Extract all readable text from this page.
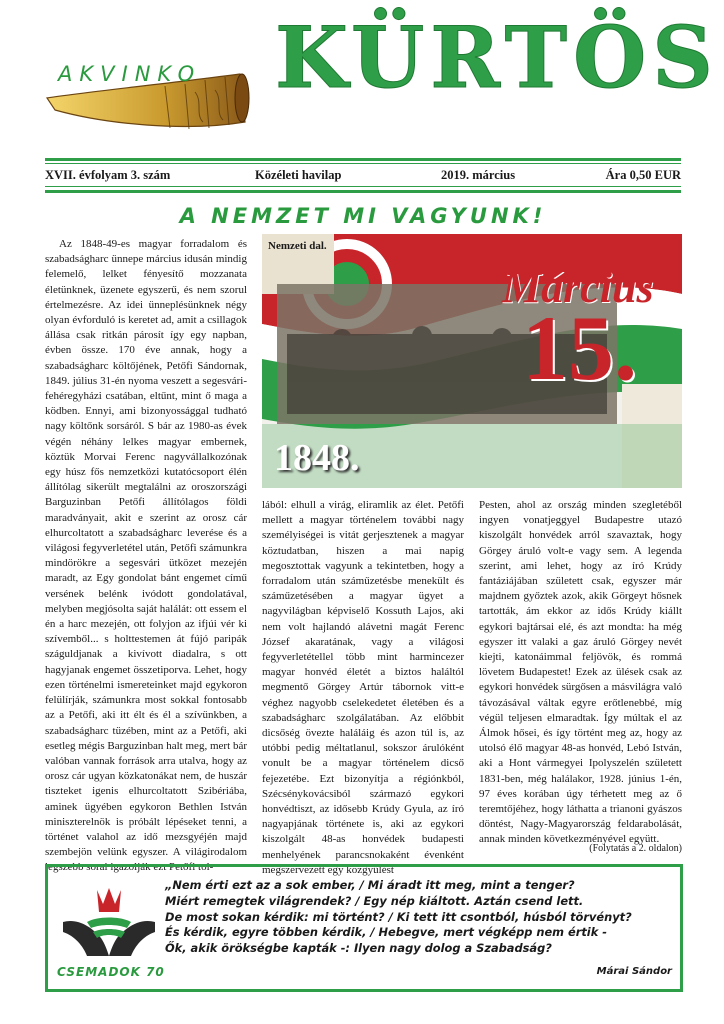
AKVINKO KÜRTÖS
XVII. évfolyam 3. szám	Közéleti havilap	2019. március	Ára 0,50 EUR
A NEMZET MI VAGYUNK!

Az 1848-49-es magyar forradalom és szabadságharc ünnepe március idusán mindig felemelő, lelket fényesítő mozzanata életünknek, üzenete egyszerű, és nem szorul értelmezésre. Az idei ünneplésünknek négy olyan évforduló is keretet ad, amit a csillagok állása csak ritkán párosít így egy napban, évben össze. 170 éve annak, hogy a szabadságharc költőjének, Petőfi Sándornak, 1849. július 31-én nyoma veszett a segesvári-fehéregyházi csatában, eltűnt, mint ő maga a ködben. Ennyi, ami bizonyossággal tudható nagy költőnk sorsáról. S bár az 1980-as évek végén néhány lelkes magyar embernek, köztük Morvai Ferenc nagyvállalkozónak egy húsz fős nemzetközi kutatócsoport élén állítólag sikerült megtalálni az oroszországi Barguzinban Petőfi állítólagos földi maradványait, akit e szerint az orosz cár elhurcoltatott a szabadságharc leverése és a világosi fegyverletétel után, Petőfi számunkra mindörökre a segesvári ütközet mezején maradt, az Egy gondolat bánt engemet című versének belénk ivódott gondolatával, melyben megjósolta saját halálát: ott essem el én a harc mezején, ott folyjon az ifjúi vér ki szívemből... s holttestemen át fújó paripák száguldjanak a kivívott diadalra, s ott hagyjanak engemet összetiporva. Lehet, hogy ezen történelmi ismereteinket majd egykoron felülírják, számunkra most sokkal fontosabb az a Petőfi, aki itt élt és él a szívünkben, a szabadságharc tüzében, mint az a Petőfi, aki esetleg mégis Barguzinban halt meg, mert bár valóban vannak források arra utalva, hogy az orosz cár ugyan közkatonákat nem, de huszár tiszteket igenis elhurcoltatott Szibériába, aminek ügyében egykoron Bethlen István miniszterelnök is próbált lépéseket tenni, a történet valahol az idő mezsgyéjén majd szembejön velünk egyszer. A világirodalom legszebb sorai igazolják ezt Petőfi tol-

Nemzeti dal.
Március
15.
1848.

lából: elhull a virág, eliramlik az élet. Petőfi mellett a magyar történelem további nagy személyiségei is vitát gerjesztenek a magyar köztudatban, hiszen a mai napig megosztottak vagyunk a tekintetben, hogy a forradalom után száműzetésbe menekült és száműzetésében a magyar ügyet a nagyvilágban képviselő Kossuth Lajos, aki nem volt hajlandó alávetni magát Ferenc József akaratának, vagy a világosi fegyverletétellel több mint harmincezer magyar honvéd életét a biztos haláltól megmentő Görgey Artúr tábornok vitt-e véghez nagyobb cselekedetet életében és a szabadságharc szolgálatában. Az előbbit dicsőség övezte haláláig és azon túl is, az utóbbi pedig méltatlanul, sokszor árulóként vonult be a magyar történelem dicső fejezetébe. Ezt bizonyítja a régiónkból, Szécsénykovácsiból származó egykori honvédtiszt, az idősebb Krúdy Gyula, az író nagyapjának története is, aki az egykori kiszolgált 48-as honvédek budapesti menhelyének parancsnokaként évenként megszervezett egy közgyűlést

Pesten, ahol az ország minden szegletéből ingyen vonatjeggyel Budapestre utazó kiszolgált honvédek arról szavaztak, hogy Görgey áruló volt-e vagy sem. A legenda szerint, ami lehet, hogy az író Krúdy fantáziájában született csak, egyszer már majdnem győztek azok, akik Görgeyt hősnek tartották, ám ekkor az idős Krúdy kiállt egykori bajtársai elé, és azt mondta: ha még egyszer itt valaki a gaz áruló Görgey nevét kiejti, katonáimmal feljövök, és rommá lövetem Budapestet! Ezek az ülések csak az egykori honvédek sürgősen a másvilágra való távozásával váltak egyre erőtlenebbé, míg végül teljesen elmaradtak. Így múltak el az Álmok hősei, és így történt meg az, hogy az utolsó élő magyar 48-as honvéd, Lebó István, aki a Hont vármegyei Ipolyszelén született 1831-ben, még halálakor, 1928. június 1-én, 97 éves korában úgy térhetett meg az ő teremtőjéhez, hogy láthatta a trianoni gyászos döntést, Nagy-Magyarország feldarabolását, annak minden következményével együtt.

(Folytatás a 2. oldalon)
CSEMADOK 70
„Nem érti ezt az a sok ember, / Mi áradt itt meg, mint a tenger?
Miért remegtek világrendek? / Egy nép kiáltott. Aztán csend lett.
De most sokan kérdik: mi történt? / Ki tett itt csontból, húsból törvényt?
És kérdik, egyre többen kérdik, / Hebegve, mert végképp nem értik -
Ők, akik örökségbe kapták -: Ilyen nagy dolog a Szabadság?
Márai Sándor
